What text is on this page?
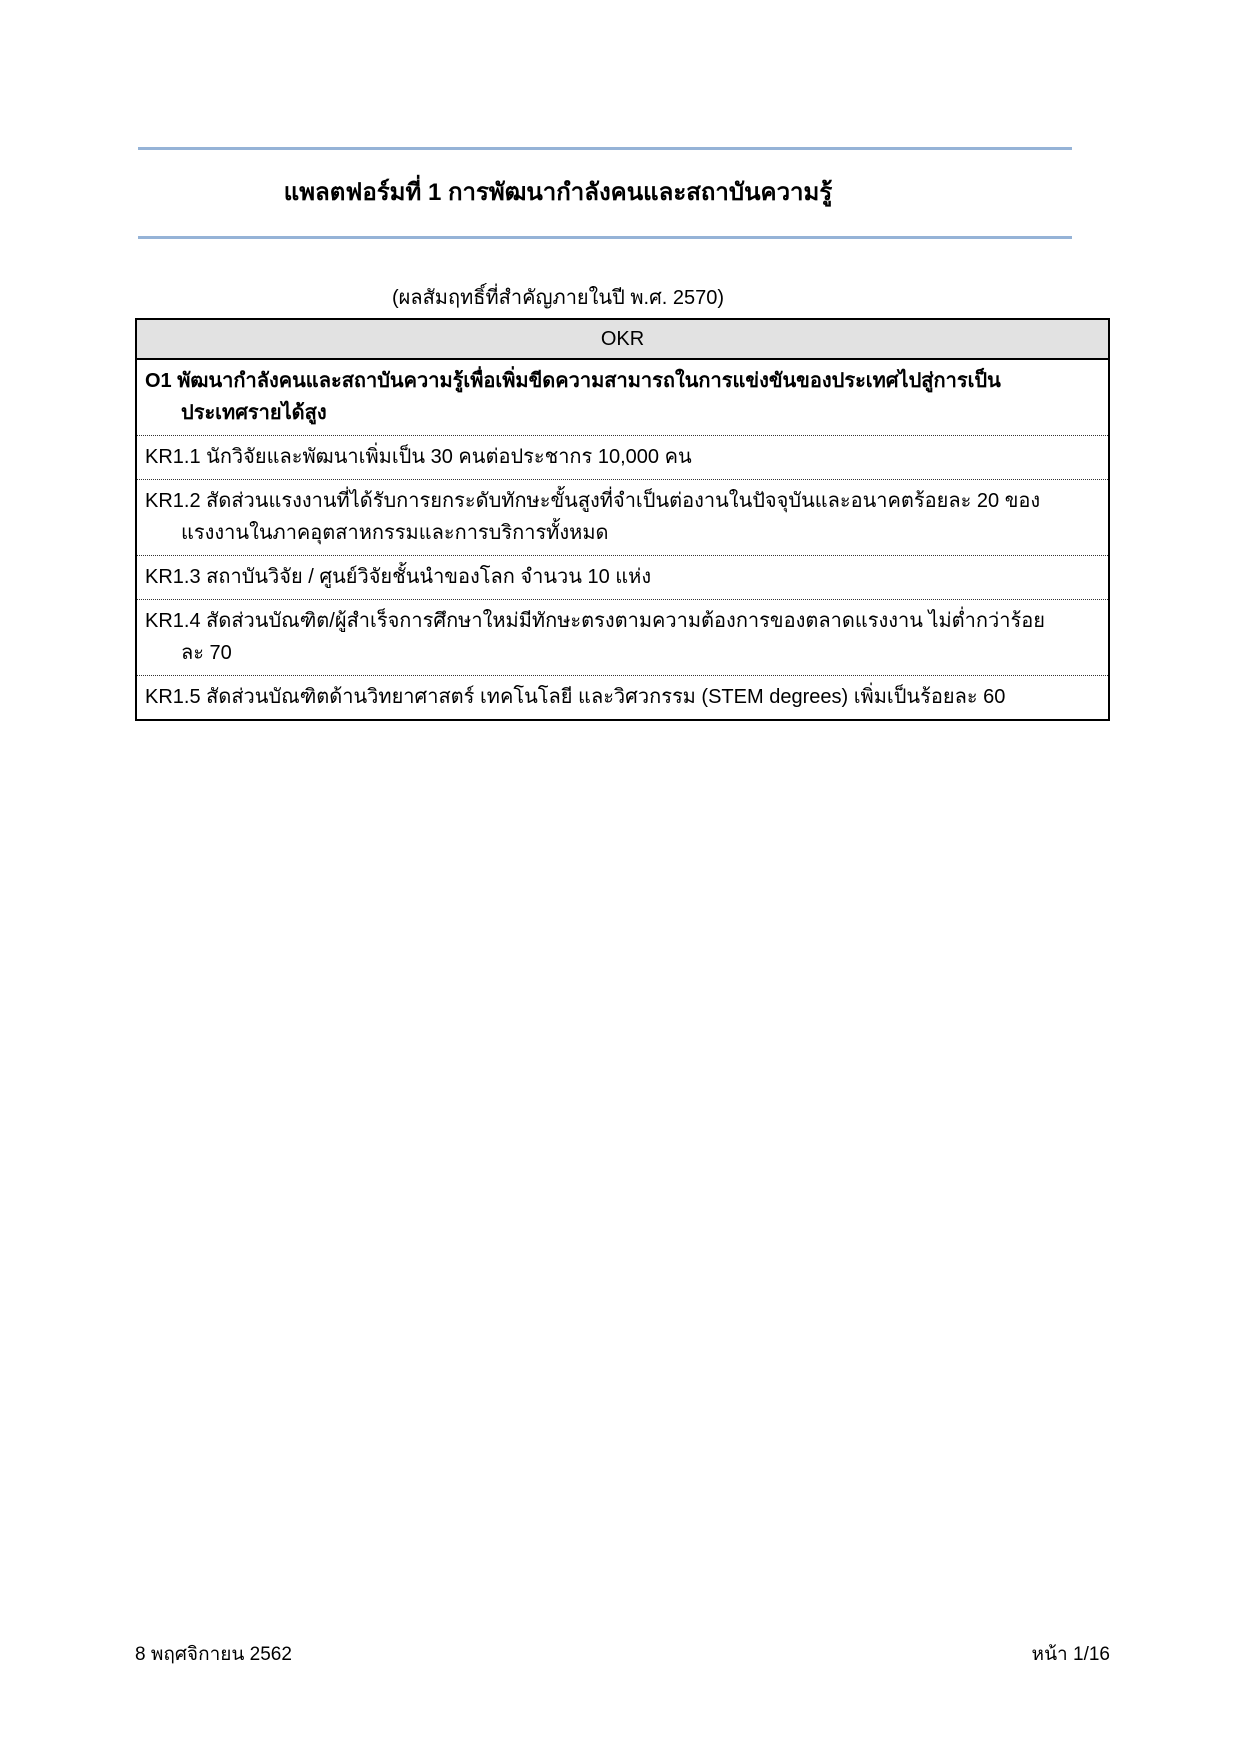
แพลตฟอร์มที่ 1 การพัฒนากำลังคนและสถาบันความรู้
(ผลสัมฤทธิ์ที่สำคัญภายในปี พ.ศ. 2570)
OKR
O1 พัฒนากำลังคนและสถาบันความรู้เพื่อเพิ่มขีดความสามารถในการแข่งขันของประเทศไปสู่การเป็น
ประเทศรายได้สูง
KR1.1 นักวิจัยและพัฒนาเพิ่มเป็น 30 คนต่อประชากร 10,000 คน
KR1.2 สัดส่วนแรงงานที่ได้รับการยกระดับทักษะขั้นสูงที่จำเป็นต่องานในปัจจุบันและอนาคตร้อยละ 20 ของ
แรงงานในภาคอุตสาหกรรมและการบริการทั้งหมด
KR1.3 สถาบันวิจัย / ศูนย์วิจัยชั้นนำของโลก จำนวน 10 แห่ง
KR1.4 สัดส่วนบัณฑิต/ผู้สำเร็จการศึกษาใหม่มีทักษะตรงตามความต้องการของตลาดแรงงาน ไม่ต่ำกว่าร้อย
ละ 70
KR1.5 สัดส่วนบัณฑิตด้านวิทยาศาสตร์ เทคโนโลยี และวิศวกรรม (STEM degrees) เพิ่มเป็นร้อยละ 60
8 พฤศจิกายน 2562	หน้า 1/16
